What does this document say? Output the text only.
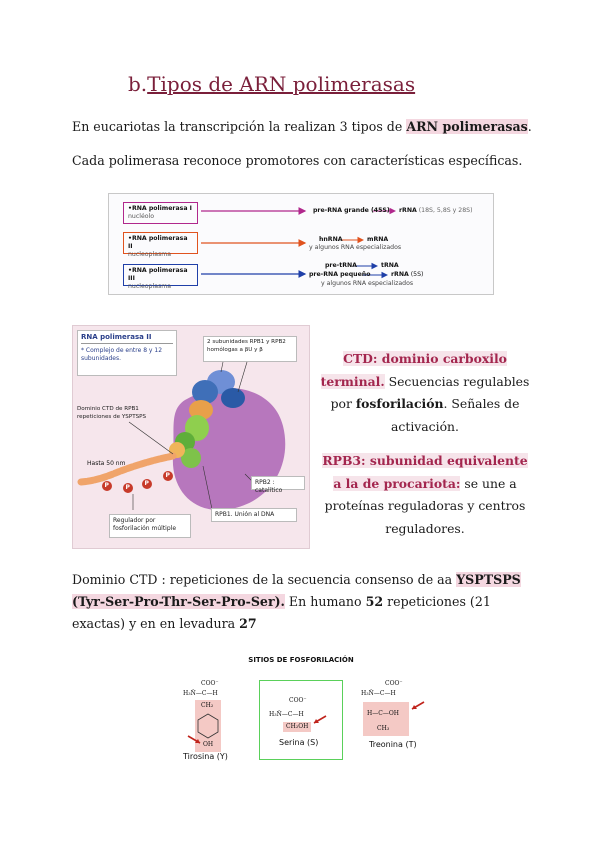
b.Tipos de ARN polimerasas
En eucariotas la transcripción la realizan 3 tipos de ARN polimerasas.
Cada polimerasa reconoce promotores con características específicas.
•RNA polimerasa I
nucléolo
•RNA polimerasa II
nucleoplasma
•RNA polimerasa III
nucleoplasma
pre-RNA grande (45S) rRNA (18S, 5,8S y 28S)
hnRNA	mRNA
y algunos RNA especializados
pre-tRNA	tRNA
pre-RNA pequeño	rRNA (5S)
y algunos RNA especializados
RNA polimerasa II
* Complejo de entre 8 y 12 subunidades.
2 subunidades RPB1 y RPB2 homólogas a βU y β
Dominio CTD de RPB1 repeticiones de YSPTSPS
Hasta 50 nm
P	P
P
P
RPB2 : catalítico
RPB1. Unión al DNA
Regulador por fosforilación múltiple
CTD: dominio carboxilo terminal. Secuencias regulables por fosforilación. Señales de activación.
RPB3: subunidad equivalente a la de procariota: se une a proteínas reguladoras y centros reguladores.
Dominio CTD : repeticiones de la secuencia consenso de aa YSPTSPS (Tyr-Ser-Pro-Thr-Ser-Pro-Ser). En humano 52 repeticiones (21 exactas) y en en levadura 27
SITIOS DE FOSFORILACIÓN
COO⁻
H₃N̂—C—H
CH₂
OH
Tirosina (Y)
COO⁻
H₃N̂—C—H
CH₂OH
Serina (S)
COO⁻
H₃N̂—C—H
H—C—OH
CH₃
Treonina (T)
